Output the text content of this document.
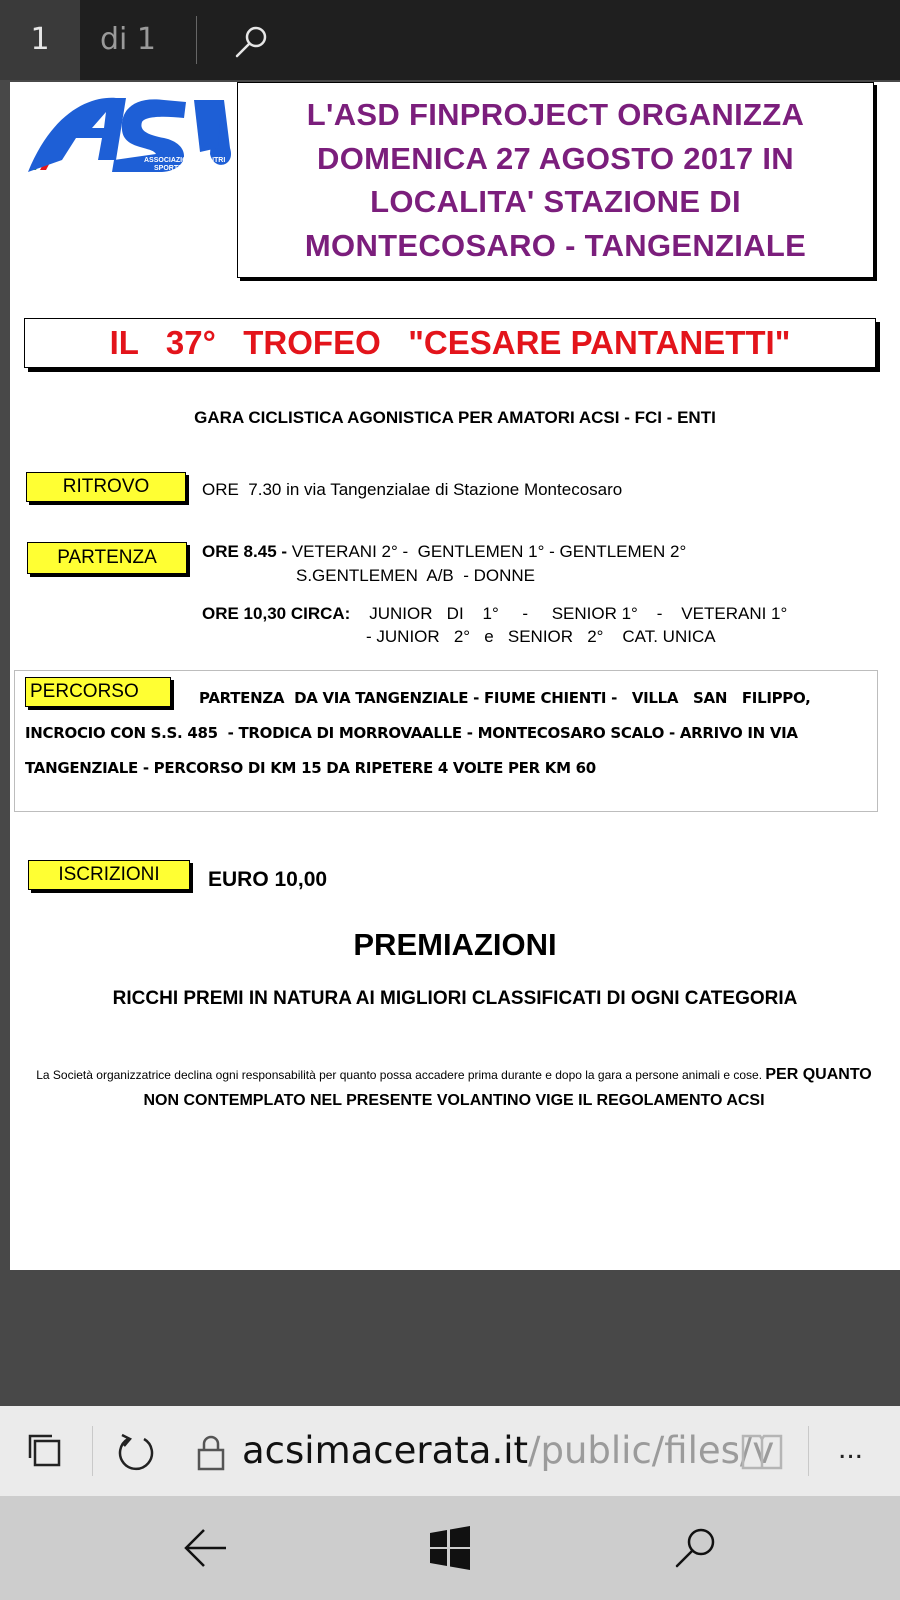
1	di 1
ASSOCIAZIONE CENTRI
SPORTIVI ITALIANI
L'ASD FINPROJECT ORGANIZZA
DOMENICA 27 AGOSTO 2017 IN
LOCALITA' STAZIONE DI
MONTECOSARO - TANGENZIALE
IL   37°   TROFEO   "CESARE PANTANETTI"
GARA CICLISTICA AGONISTICA PER AMATORI ACSI - FCI - ENTI
RITROVO	ORE  7.30 in via Tangenzialae di Stazione Montecosaro
PARTENZA	ORE 8.45 - VETERANI 2° -  GENTLEMEN 1° - GENTLEMEN 2°
S.GENTLEMEN  A/B  - DONNE
ORE 10,30 CIRCA:    JUNIOR   DI    1°     -     SENIOR 1°    -    VETERANI 1°
- JUNIOR   2°   e   SENIOR   2°    CAT. UNICA
PERCORSO	PARTENZA  DA VIA TANGENZIALE - FIUME CHIENTI -   VILLA   SAN   FILIPPO,
INCROCIO CON S.S. 485  - TRODICA DI MORROVAALLE - MONTECOSARO SCALO - ARRIVO IN VIA
TANGENZIALE - PERCORSO DI KM 15 DA RIPETERE 4 VOLTE PER KM 60
ISCRIZIONI	EURO 10,00
PREMIAZIONI
RICCHI PREMI IN NATURA AI MIGLIORI CLASSIFICATI DI OGNI CATEGORIA
La Società organizzatrice declina ogni responsabilità per quanto possa accadere prima durante e dopo la gara a persone animali e cose. PER QUANTO NON CONTEMPLATO NEL PRESENTE VOLANTINO VIGE IL REGOLAMENTO ACSI
acsimacerata.it/public/files/v ...
